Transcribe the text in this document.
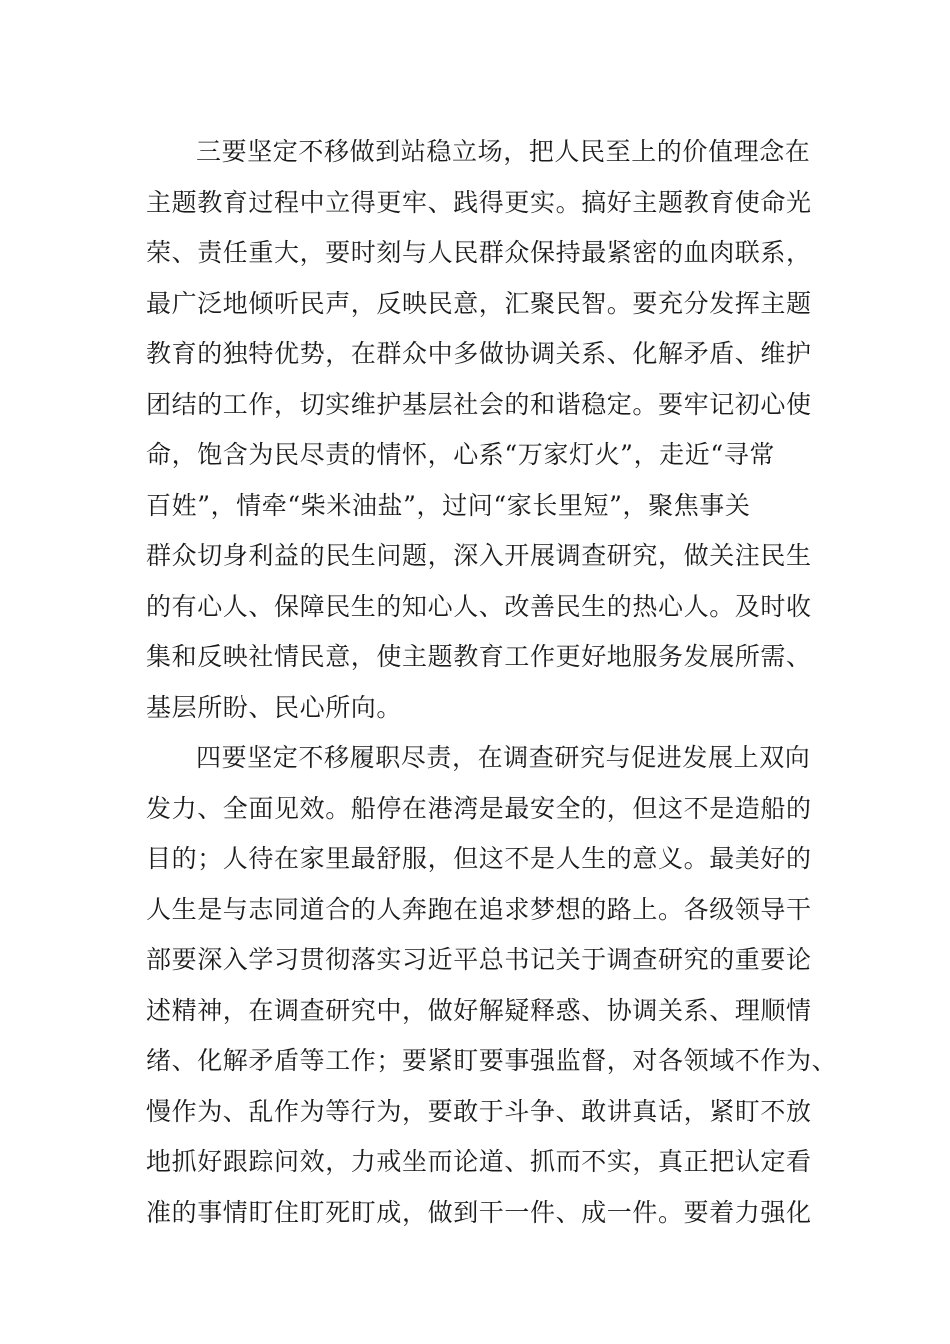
三要坚定不移做到站稳立场，把人民至上的价值理念在
主题教育过程中立得更牢、践得更实。搞好主题教育使命光
荣、责任重大，要时刻与人民群众保持最紧密的血肉联系，
最广泛地倾听民声，反映民意，汇聚民智。要充分发挥主题
教育的独特优势，在群众中多做协调关系、化解矛盾、维护
团结的工作，切实维护基层社会的和谐稳定。要牢记初心使
命，饱含为民尽责的情怀，心系“万家灯火”，走近“寻常
百姓”，情牵“柴米油盐”，过问“家长里短”，聚焦事关
群众切身利益的民生问题，深入开展调查研究，做关注民生
的有心人、保障民生的知心人、改善民生的热心人。及时收
集和反映社情民意，使主题教育工作更好地服务发展所需、
基层所盼、民心所向。
四要坚定不移履职尽责，在调查研究与促进发展上双向
发力、全面见效。船停在港湾是最安全的，但这不是造船的
目的；人待在家里最舒服，但这不是人生的意义。最美好的
人生是与志同道合的人奔跑在追求梦想的路上。各级领导干
部要深入学习贯彻落实习近平总书记关于调查研究的重要论
述精神，在调查研究中，做好解疑释惑、协调关系、理顺情
绪、化解矛盾等工作；要紧盯要事强监督，对各领域不作为、
慢作为、乱作为等行为，要敢于斗争、敢讲真话，紧盯不放
地抓好跟踪问效，力戒坐而论道、抓而不实，真正把认定看
准的事情盯住盯死盯成，做到干一件、成一件。要着力强化
